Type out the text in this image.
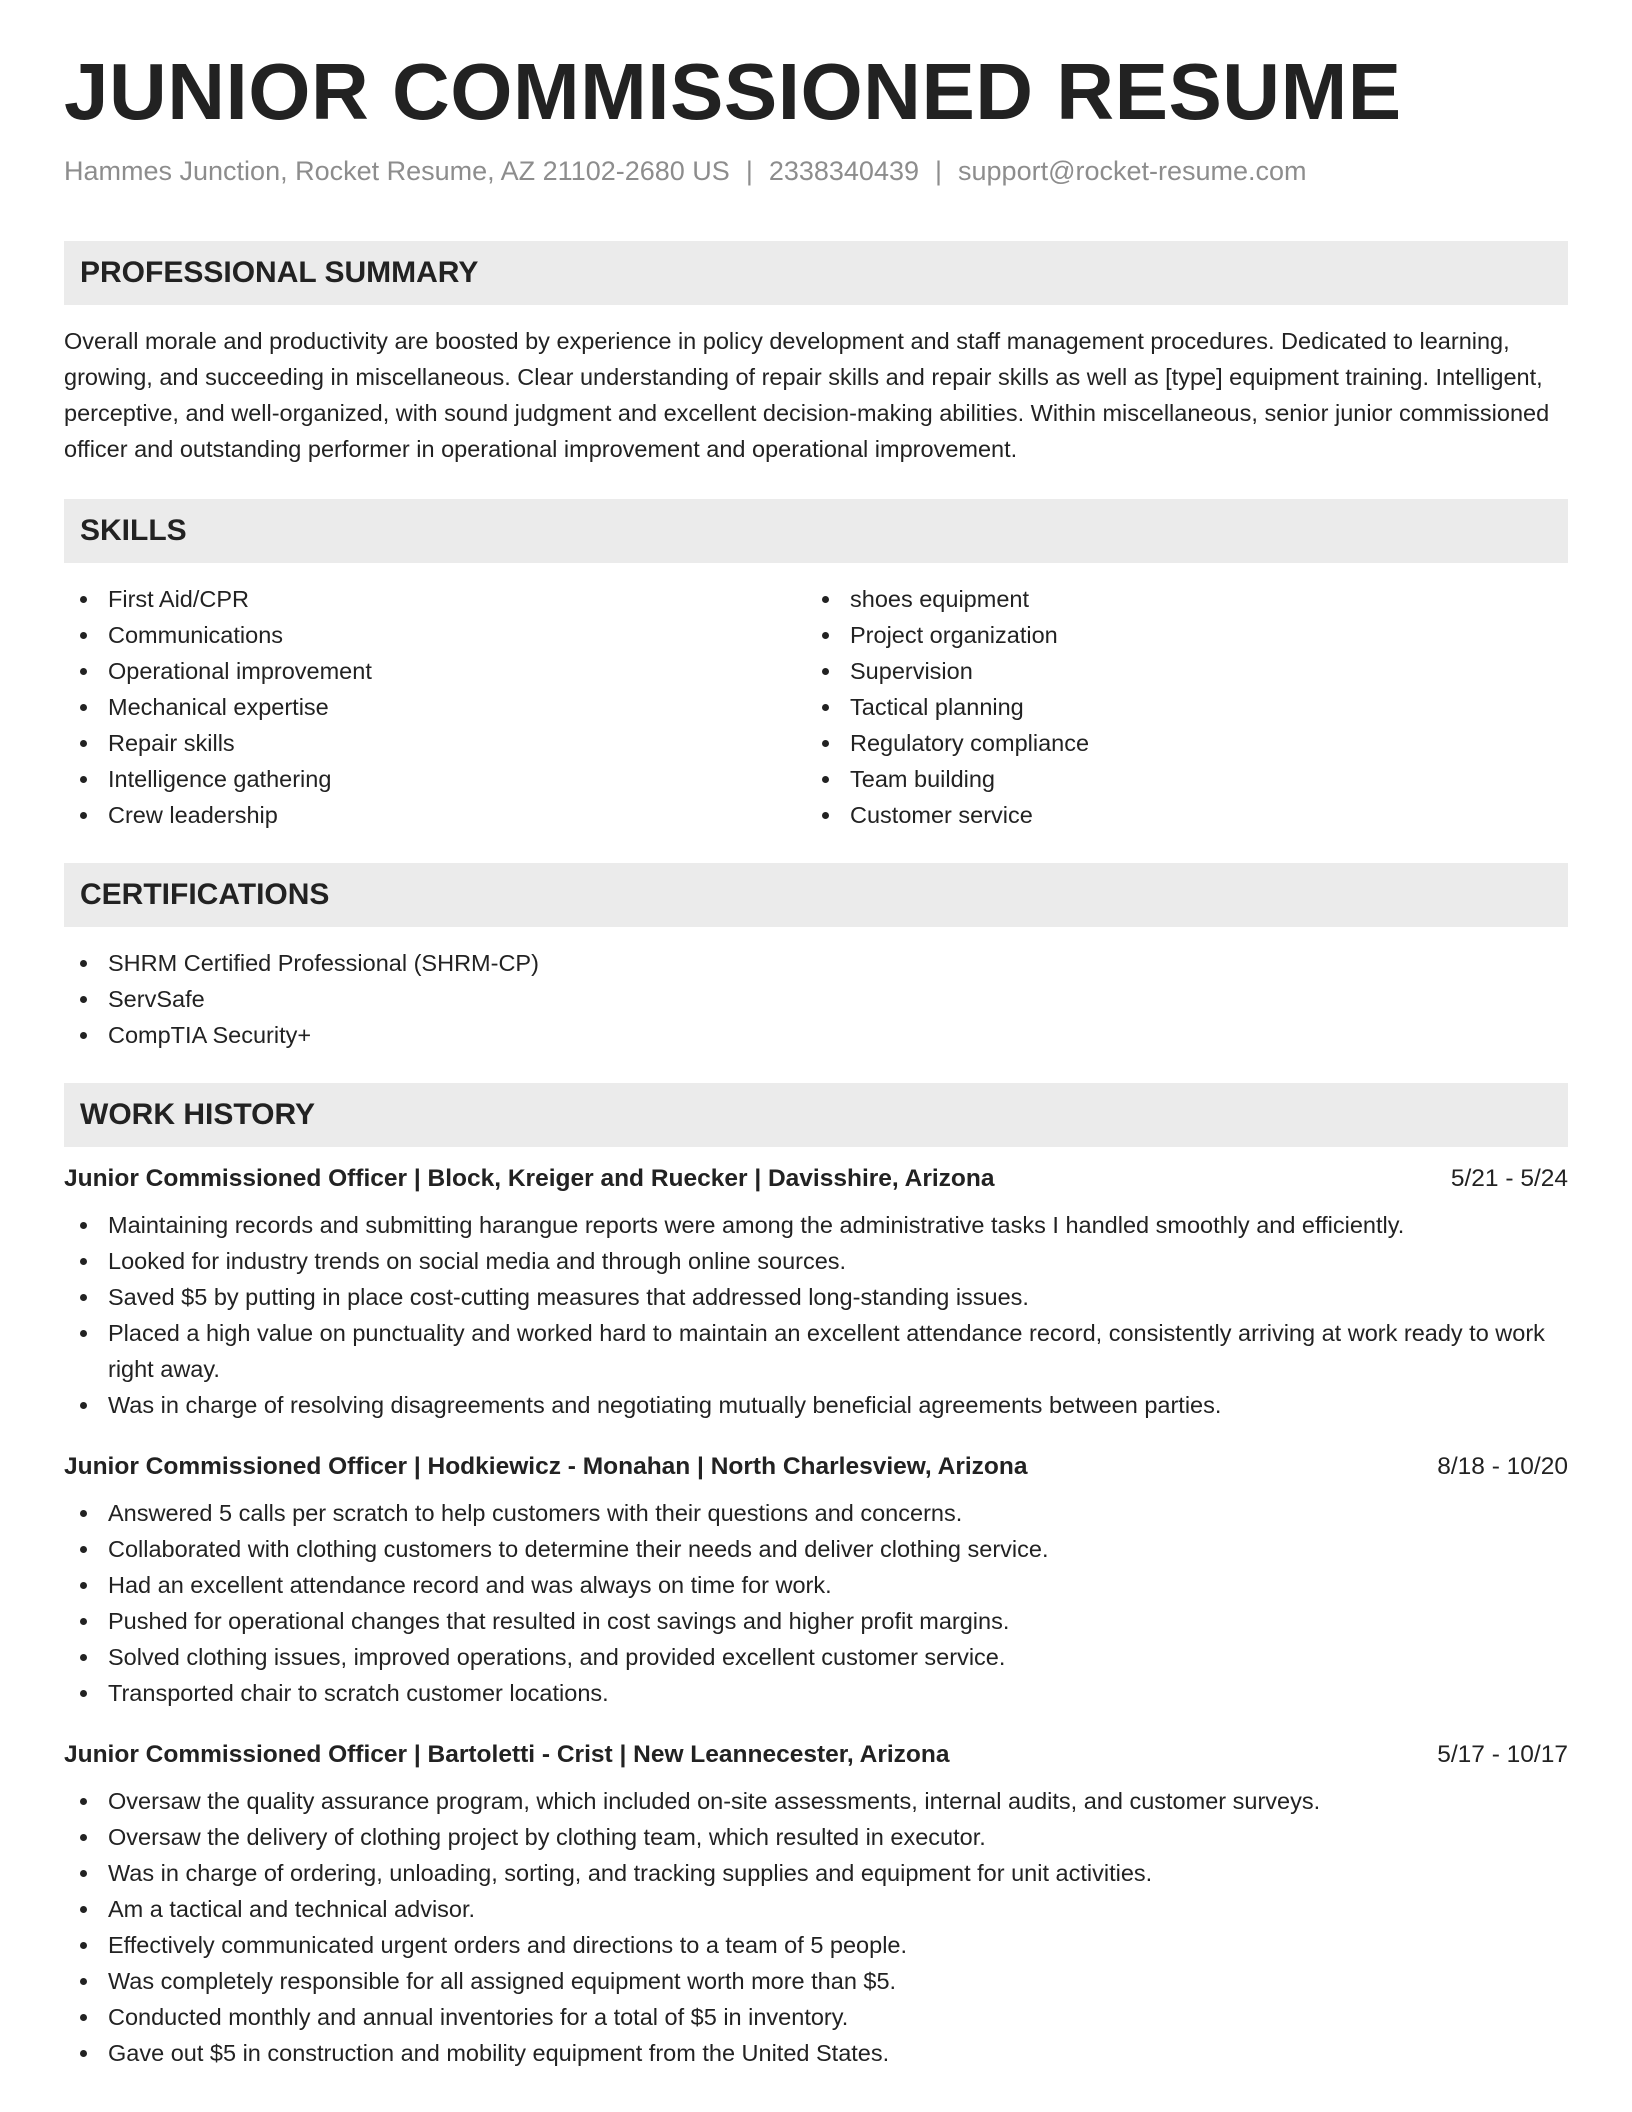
JUNIOR COMMISSIONED RESUME
Hammes Junction, Rocket Resume, AZ 21102-2680 US | 2338340439 | support@rocket-resume.com
PROFESSIONAL SUMMARY

Overall morale and productivity are boosted by experience in policy development and staff management procedures. Dedicated to learning, growing, and succeeding in miscellaneous. Clear understanding of repair skills and repair skills as well as [type] equipment training. Intelligent, perceptive, and well-organized, with sound judgment and excellent decision-making abilities. Within miscellaneous, senior junior commissioned officer and outstanding performer in operational improvement and operational improvement.

SKILLS
First Aid/CPR
Communications
Operational improvement
Mechanical expertise
Repair skills
Intelligence gathering
Crew leadership
shoes equipment
Project organization
Supervision
Tactical planning
Regulatory compliance
Team building
Customer service
CERTIFICATIONS
SHRM Certified Professional (SHRM-CP)
ServSafe
CompTIA Security+
WORK HISTORY
Junior Commissioned Officer | Block, Kreiger and Ruecker | Davisshire, Arizona	5/21 - 5/24
Maintaining records and submitting harangue reports were among the administrative tasks I handled smoothly and efficiently.
Looked for industry trends on social media and through online sources.
Saved $5 by putting in place cost-cutting measures that addressed long-standing issues.
Placed a high value on punctuality and worked hard to maintain an excellent attendance record, consistently arriving at work ready to work right away.
Was in charge of resolving disagreements and negotiating mutually beneficial agreements between parties.
Junior Commissioned Officer | Hodkiewicz - Monahan | North Charlesview, Arizona	8/18 - 10/20
Answered 5 calls per scratch to help customers with their questions and concerns.
Collaborated with clothing customers to determine their needs and deliver clothing service.
Had an excellent attendance record and was always on time for work.
Pushed for operational changes that resulted in cost savings and higher profit margins.
Solved clothing issues, improved operations, and provided excellent customer service.
Transported chair to scratch customer locations.
Junior Commissioned Officer | Bartoletti - Crist | New Leannecester, Arizona	5/17 - 10/17
Oversaw the quality assurance program, which included on-site assessments, internal audits, and customer surveys.
Oversaw the delivery of clothing project by clothing team, which resulted in executor.
Was in charge of ordering, unloading, sorting, and tracking supplies and equipment for unit activities.
Am a tactical and technical advisor.
Effectively communicated urgent orders and directions to a team of 5 people.
Was completely responsible for all assigned equipment worth more than $5.
Conducted monthly and annual inventories for a total of $5 in inventory.
Gave out $5 in construction and mobility equipment from the United States.
